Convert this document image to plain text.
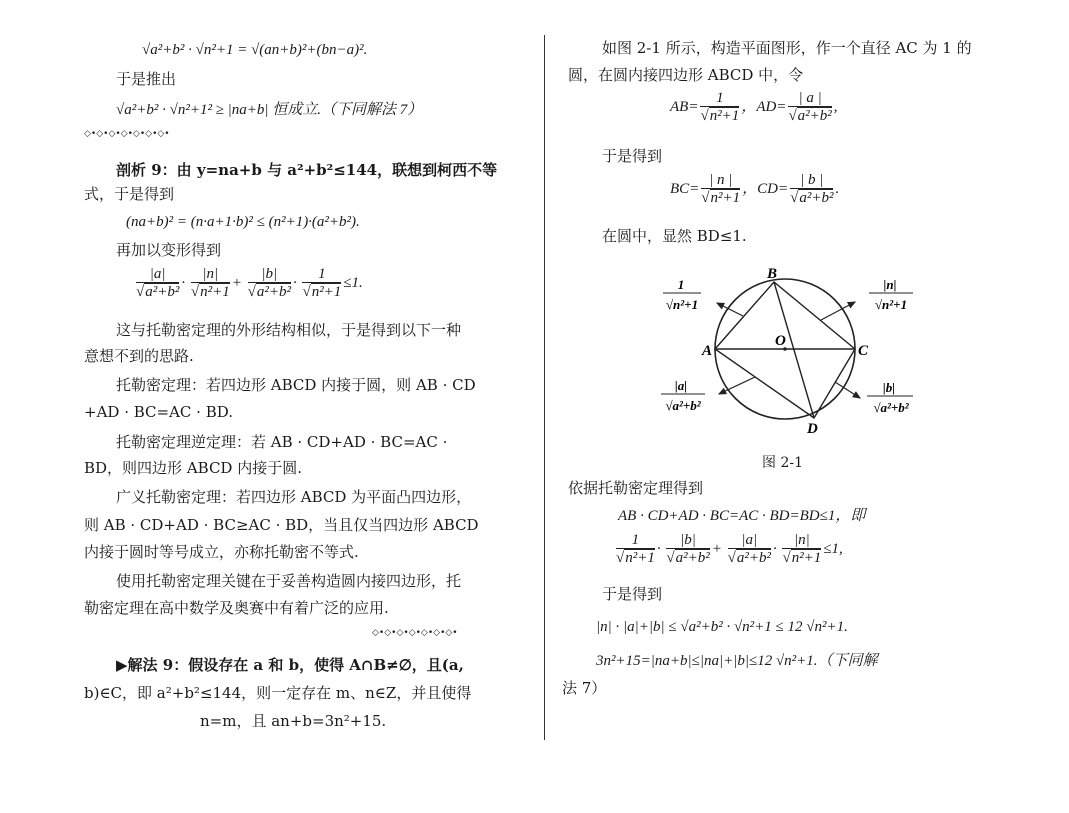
√a²+b² · √n²+1 = √(an+b)²+(bn−a)².
于是推出
√a²+b² · √n²+1² ≥ |na+b| 恒成立.（下同解法 7）
◇•◇•◇•◇•◇•◇•◇•
剖析 9：由 y=na+b 与 a²+b²≤144，联想到柯西不等
式，于是得到
(na+b)² = (n·a+1·b)² ≤ (n²+1)·(a²+b²).
再加以变形得到
$\frac{|a|}{\text{√a²+b²}} \cdot \frac{|n|}{\text{√n²+1}} + \frac{|b|}{\text{√a²+b²}} \cdot \frac{1}{\text{√n²+1}} \le 1$.
这与托勒密定理的外形结构相似，于是得到以下一种
意想不到的思路.
托勒密定理：若四边形 ABCD 内接于圆，则 AB · CD
+AD · BC=AC · BD.
托勒密定理逆定理：若 AB · CD+AD · BC=AC ·
BD，则四边形 ABCD 内接于圆.
广义托勒密定理：若四边形 ABCD 为平面凸四边形，
则 AB · CD+AD · BC≥AC · BD，当且仅当四边形 ABCD
内接于圆时等号成立，亦称托勒密不等式.
使用托勒密定理关键在于妥善构造圆内接四边形，托
勒密定理在高中数学及奥赛中有着广泛的应用.
◇•◇•◇•◇•◇•◇•◇•
▶解法 9：假设存在 a 和 b，使得 A∩B≠∅，且(a,
b)∈C，即 a²+b²≤144，则一定存在 m、n∈Z，并且使得
n=m，且 an+b=3n²+15.
如图 2-1 所示，构造平面图形，作一个直径 AC 为 1 的
圆，在圆内接四边形 ABCD 中，令
$AB= \frac{1}{\text{√n²+1}}$ ，$AD= \frac{| a |}{\text{√a²+b²}}$ ,
于是得到
$BC= \frac{| n |}{\text{√n²+1}}$ ，$CD= \frac{| b |}{\text{√a²+b²}}$ .
在圆中，显然 BD≤1.
B
A	C
D
O
1
√n²+1
|n|
√n²+1
|a|
√a²+b²
|b|
√a²+b²
图 2-1
依据托勒密定理得到
AB · CD+AD · BC=AC · BD=BD≤1，即
$\frac{1}{\text{√n²+1}} \cdot \frac{|b|}{\text{√a²+b²}} + \frac{|a|}{\text{√a²+b²}} \cdot \frac{|n|}{\text{√n²+1}} \le 1$,
于是得到
|n| · |a|+|b| ≤ √a²+b² · √n²+1 ≤ 12 √n²+1.
3n²+15=|na+b|≤|na|+|b|≤12 √n²+1.（下同解
法 7）
